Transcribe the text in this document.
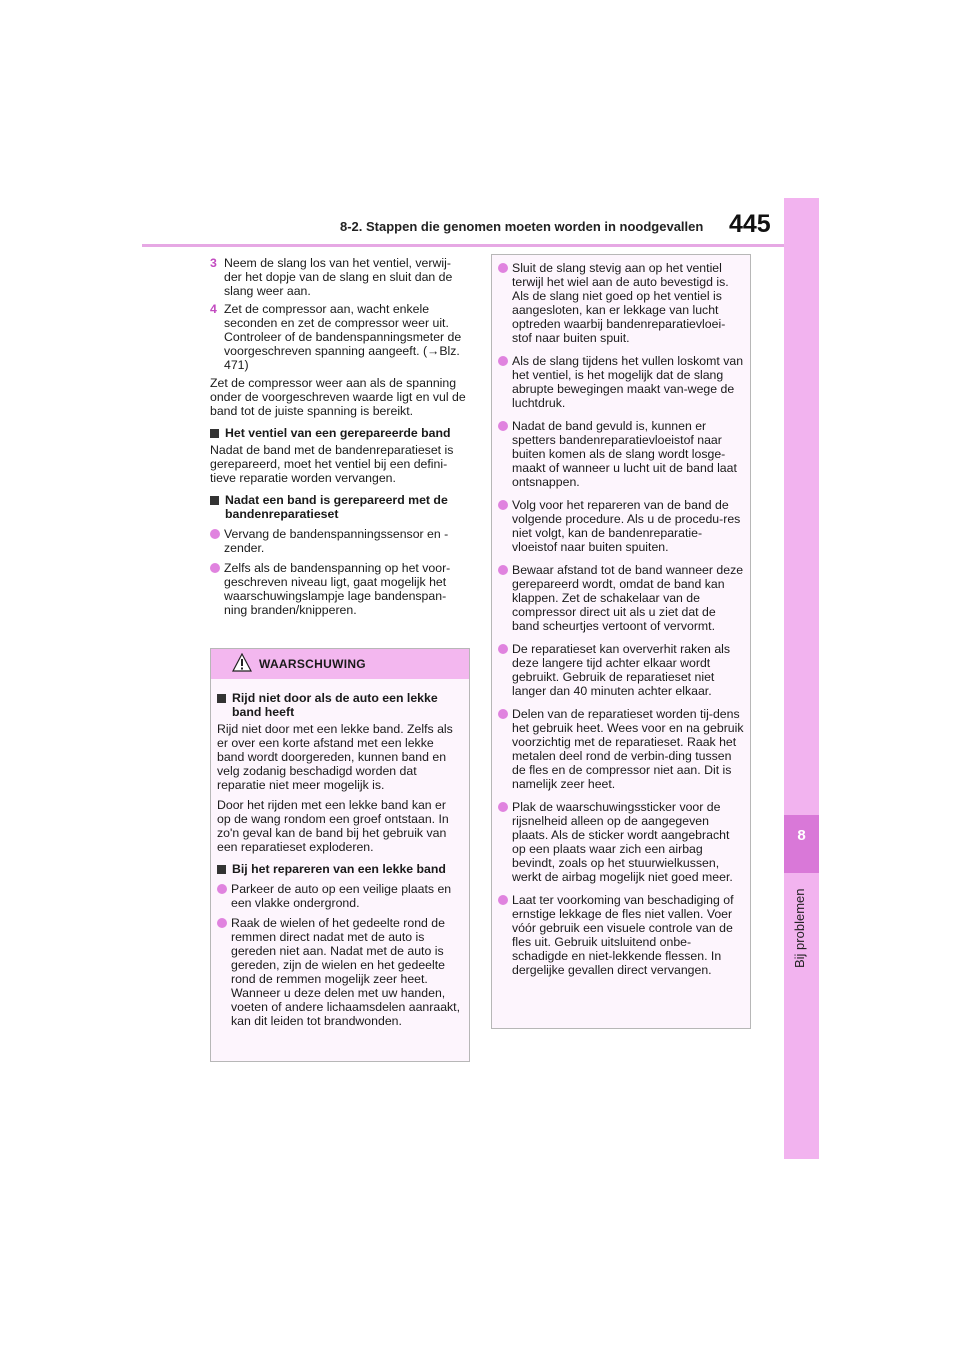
8
Bij problemen
8-2. Stappen die genomen moeten worden in noodgevallen 445
3 Neem de slang los van het ventiel, verwij-der het dopje van de slang en sluit dan de slang weer aan.
4 Zet de compressor aan, wacht enkele seconden en zet de compressor weer uit. Controleer of de bandenspanningsmeter de voorgeschreven spanning aangeeft. (→Blz. 471)

Zet de compressor weer aan als de spanning onder de voorgeschreven waarde ligt en vul de band tot de juiste spanning is bereikt.

Het ventiel van een gerepareerde band

Nadat de band met de bandenreparatieset is gerepareerd, moet het ventiel bij een defini-tieve reparatie worden vervangen.

Nadat een band is gerepareerd met de bandenreparatieset
Vervang de bandenspanningssensor en -zender.
Zelfs als de bandenspanning op het voor-geschreven niveau ligt, gaat mogelijk het waarschuwingslampje lage bandenspan-ning branden/knipperen.
WAARSCHUWING
Rijd niet door als de auto een lekke band heeft

Rijd niet door met een lekke band. Zelfs als er over een korte afstand met een lekke band wordt doorgereden, kunnen band en velg zodanig beschadigd worden dat reparatie niet meer mogelijk is.

Door het rijden met een lekke band kan er op de wang rondom een groef ontstaan. In zo'n geval kan de band bij het gebruik van een reparatieset exploderen.

Bij het repareren van een lekke band
Parkeer de auto op een veilige plaats en een vlakke ondergrond.
Raak de wielen of het gedeelte rond de remmen direct nadat met de auto is gereden niet aan. Nadat met de auto is gereden, zijn de wielen en het gedeelte rond de remmen mogelijk zeer heet. Wanneer u deze delen met uw handen, voeten of andere lichaamsdelen aanraakt, kan dit leiden tot brandwonden.
Sluit de slang stevig aan op het ventiel terwijl het wiel aan de auto bevestigd is. Als de slang niet goed op het ventiel is aangesloten, kan er lekkage van lucht optreden waarbij bandenreparatievloei-stof naar buiten spuit.
Als de slang tijdens het vullen loskomt van het ventiel, is het mogelijk dat de slang abrupte bewegingen maakt van-wege de luchtdruk.
Nadat de band gevuld is, kunnen er spetters bandenreparatievloeistof naar buiten komen als de slang wordt losge-maakt of wanneer u lucht uit de band laat ontsnappen.
Volg voor het repareren van de band de volgende procedure. Als u de procedu-res niet volgt, kan de bandenreparatie-vloeistof naar buiten spuiten.
Bewaar afstand tot de band wanneer deze gerepareerd wordt, omdat de band kan klappen. Zet de schakelaar van de compressor direct uit als u ziet dat de band scheurtjes vertoont of vervormt.
De reparatieset kan oververhit raken als deze langere tijd achter elkaar wordt gebruikt. Gebruik de reparatieset niet langer dan 40 minuten achter elkaar.
Delen van de reparatieset worden tij-dens het gebruik heet. Wees voor en na gebruik voorzichtig met de reparatieset. Raak het metalen deel rond de verbin-ding tussen de fles en de compressor niet aan. Dit is namelijk zeer heet.
Plak de waarschuwingssticker voor de rijsnelheid alleen op de aangegeven plaats. Als de sticker wordt aangebracht op een plaats waar zich een airbag bevindt, zoals op het stuurwielkussen, werkt de airbag mogelijk niet goed meer.
Laat ter voorkoming van beschadiging of ernstige lekkage de fles niet vallen. Voer vóór gebruik een visuele controle van de fles uit. Gebruik uitsluitend onbe-schadigde en niet-lekkende flessen. In dergelijke gevallen direct vervangen.
